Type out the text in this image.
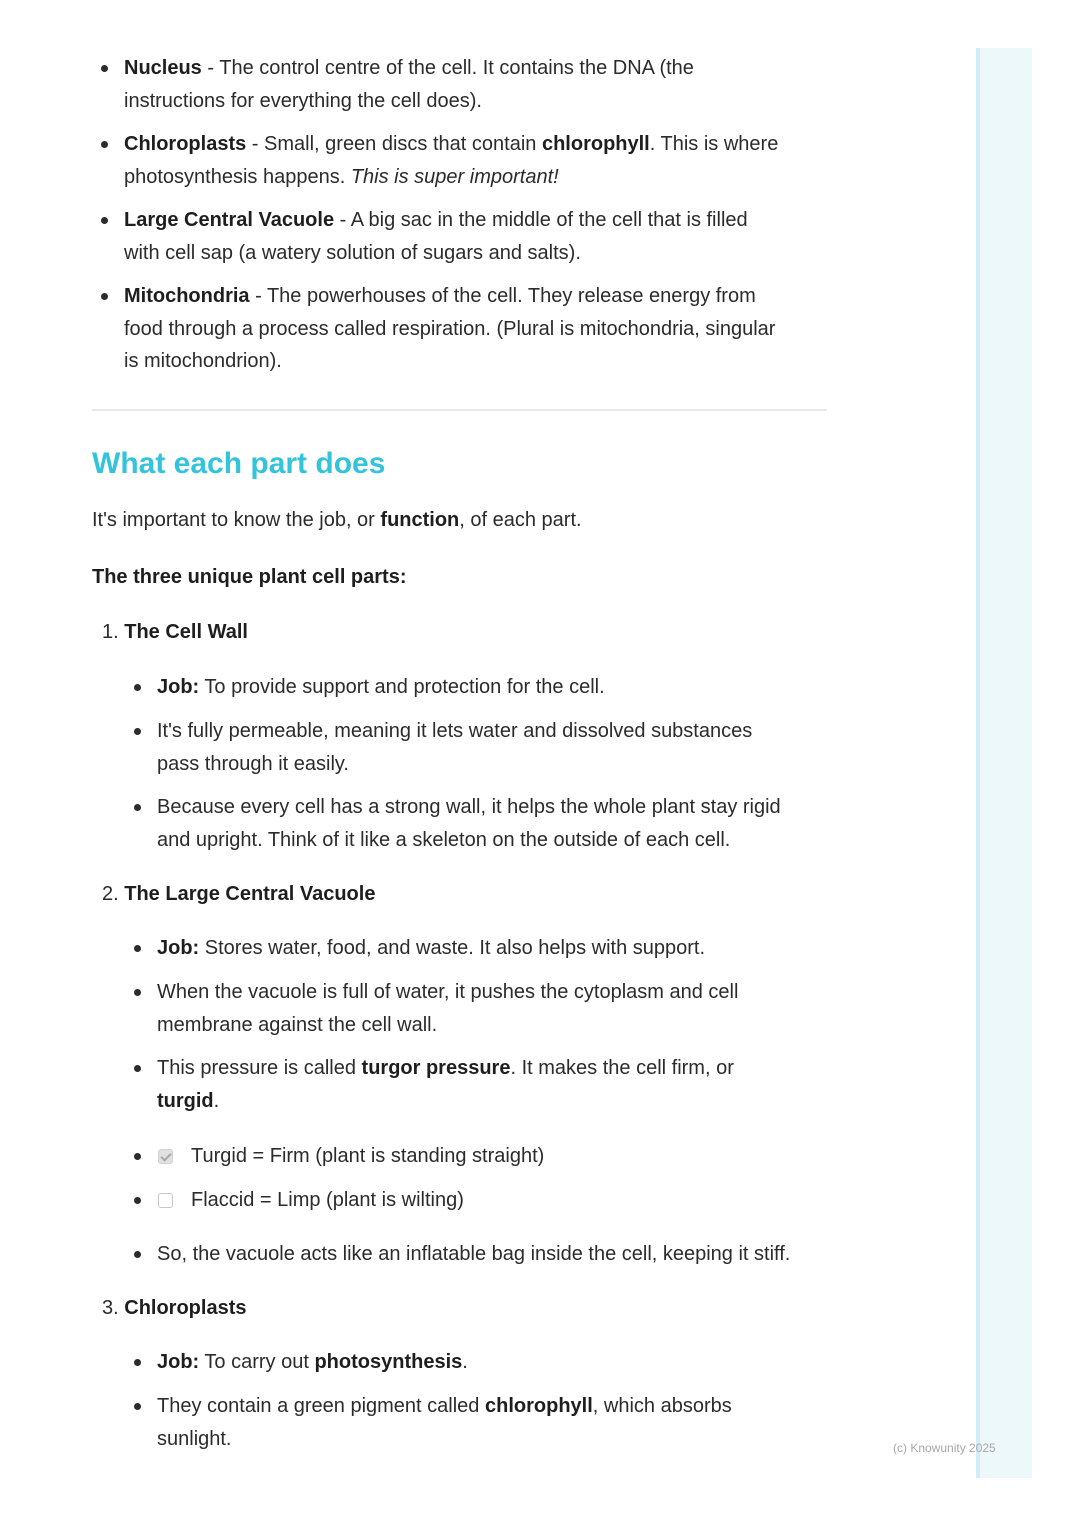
Nucleus - The control centre of the cell. It contains the DNA (the
instructions for everything the cell does).
Chloroplasts - Small, green discs that contain chlorophyll. This is where
photosynthesis happens. This is super important!
Large Central Vacuole - A big sac in the middle of the cell that is filled
with cell sap (a watery solution of sugars and salts).
Mitochondria - The powerhouses of the cell. They release energy from
food through a process called respiration. (Plural is mitochondria, singular
is mitochondrion).
What each part does
It's important to know the job, or function, of each part.
The three unique plant cell parts:
1. The Cell Wall
Job: To provide support and protection for the cell.
It's fully permeable, meaning it lets water and dissolved substances
pass through it easily.
Because every cell has a strong wall, it helps the whole plant stay rigid
and upright. Think of it like a skeleton on the outside of each cell.
2. The Large Central Vacuole
Job: Stores water, food, and waste. It also helps with support.
When the vacuole is full of water, it pushes the cytoplasm and cell
membrane against the cell wall.
This pressure is called turgor pressure. It makes the cell firm, or
turgid.
Turgid = Firm (plant is standing straight)
Flaccid = Limp (plant is wilting)
So, the vacuole acts like an inflatable bag inside the cell, keeping it stiff.
3. Chloroplasts
Job: To carry out photosynthesis.
They contain a green pigment called chlorophyll, which absorbs
sunlight.	(c) Knowunity 2025
